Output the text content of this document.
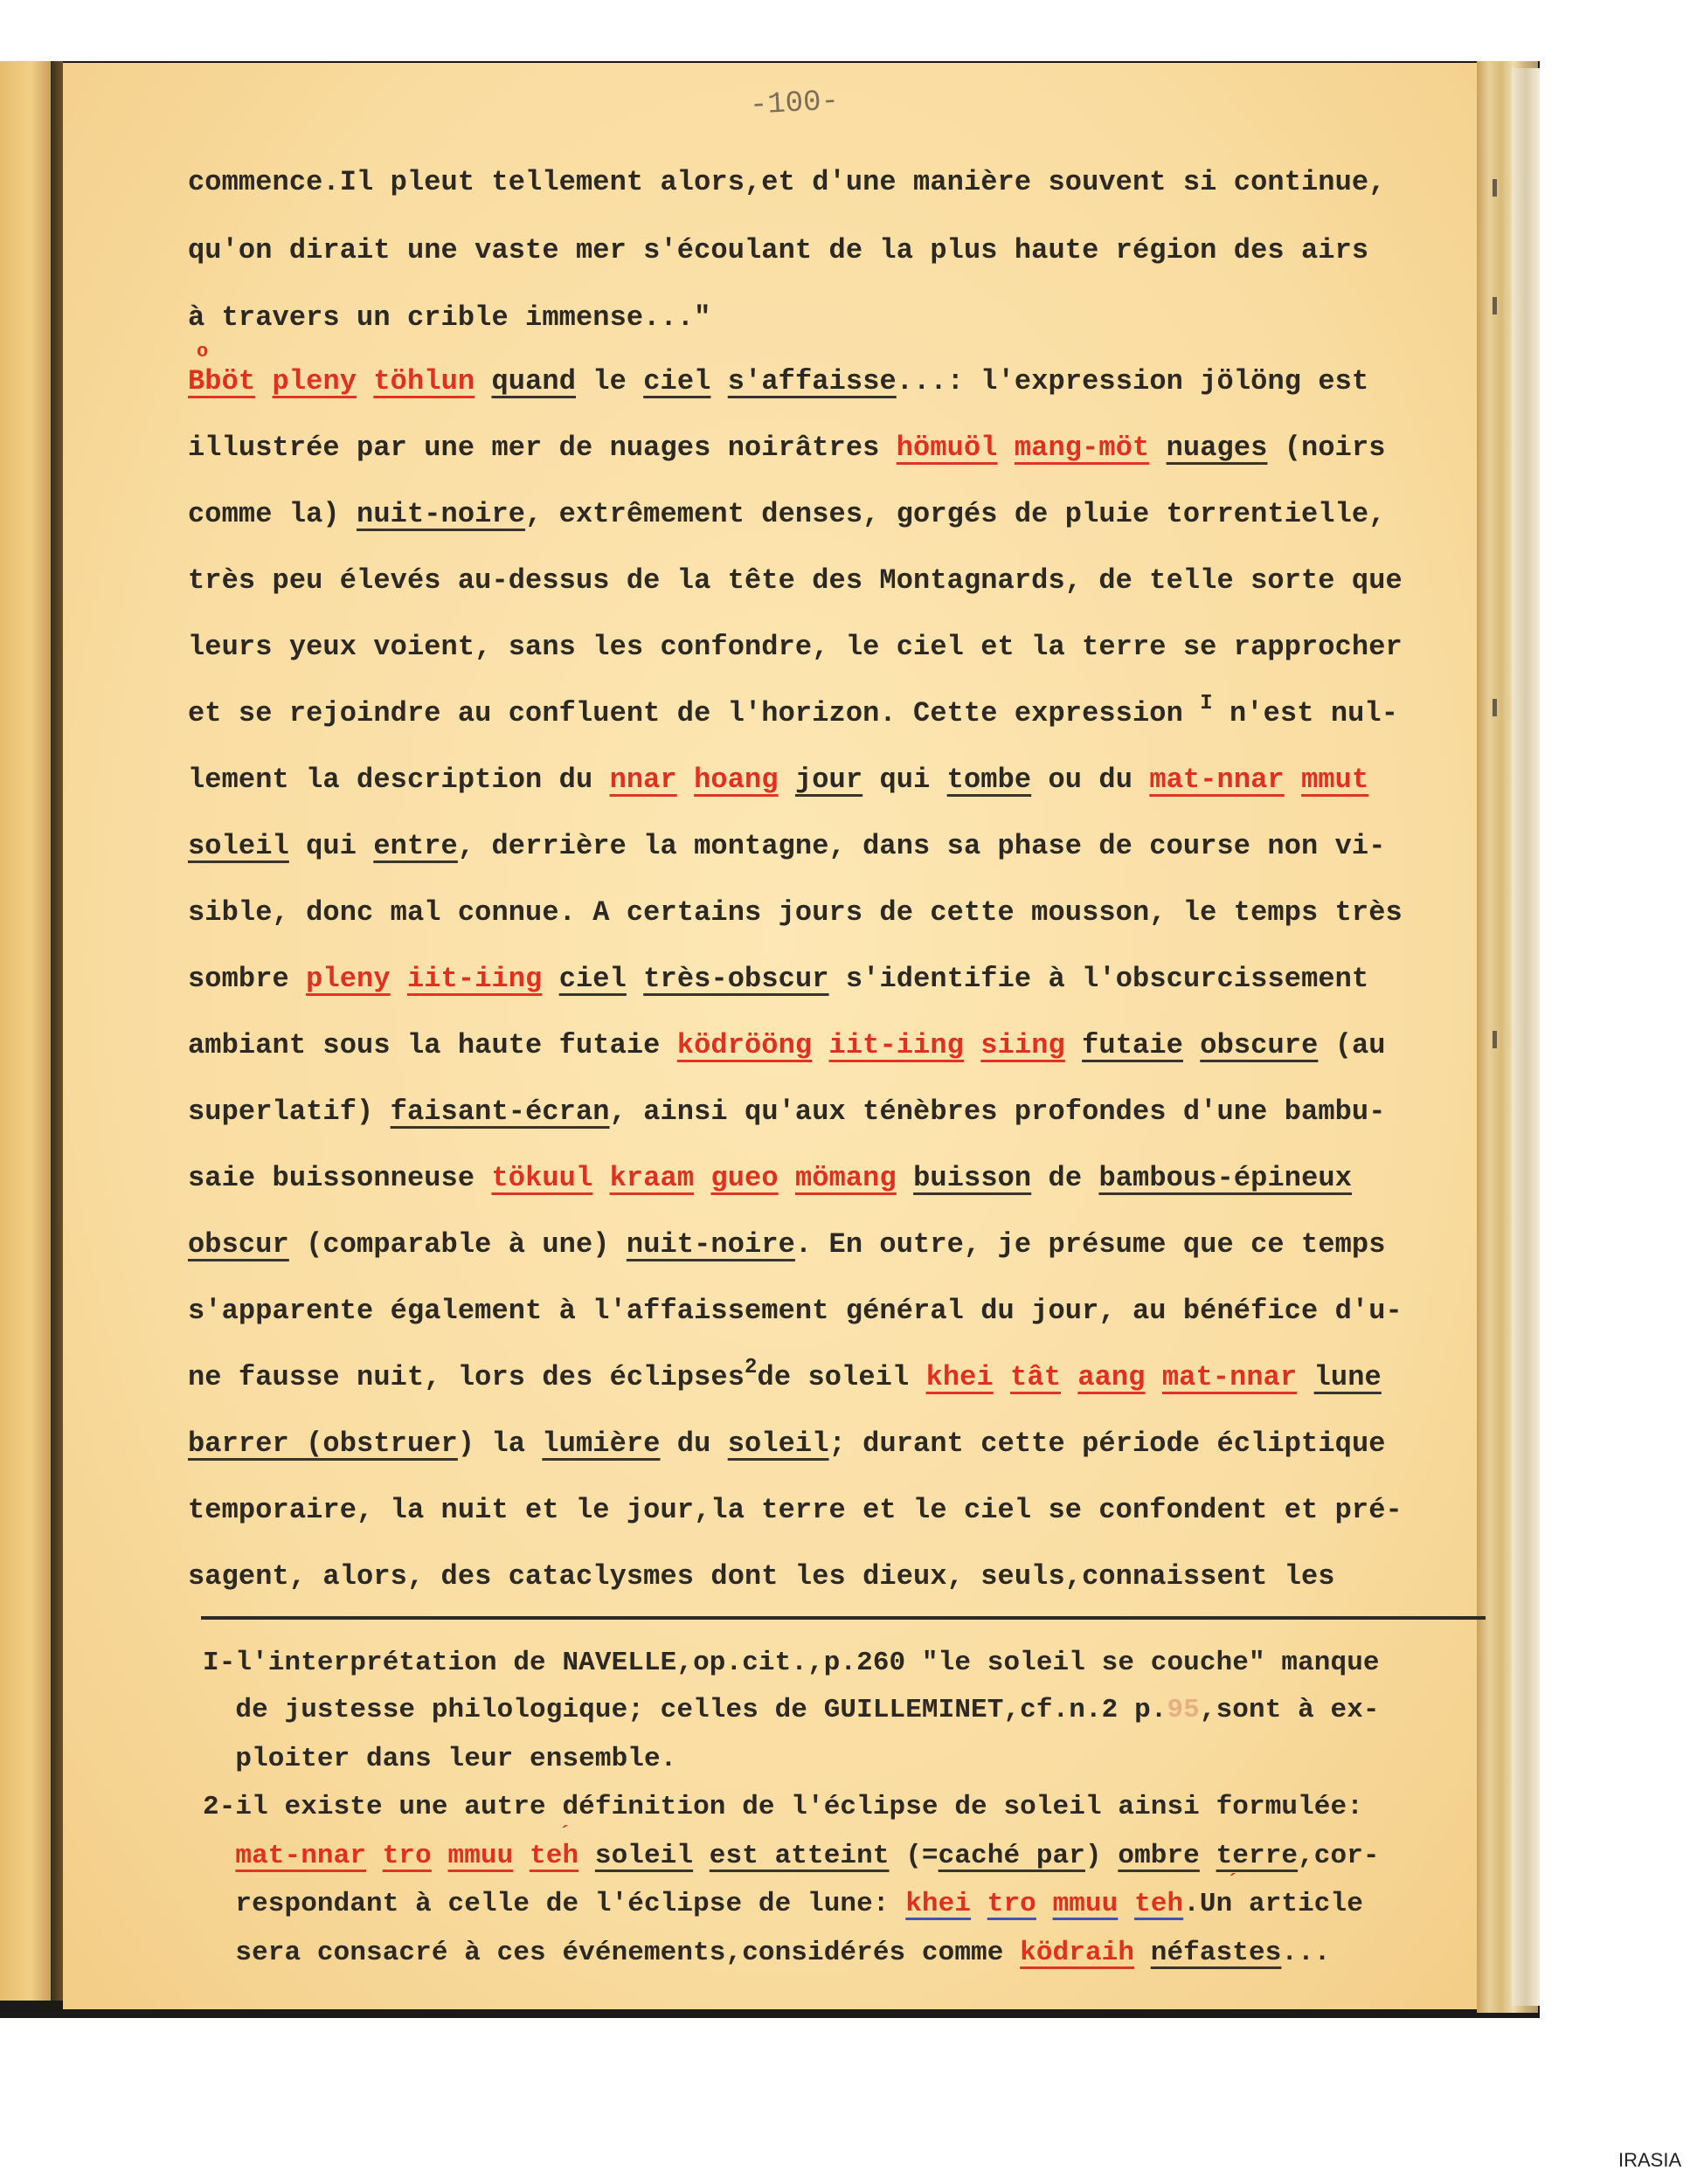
-100-
commence.Il pleut tellement alors,et d'une manière souvent si continue,
qu'on dirait une vaste mer s'écoulant de la plus haute région des airs
à travers un crible immense..."
o
Bböt pleny töhlun quand le ciel s'affaisse...: l'expression jölöng est
illustrée par une mer de nuages noirâtres hömuöl mang-möt nuages (noirs
comme la) nuit-noire, extrêmement denses, gorgés de pluie torrentielle,
très peu élevés au-dessus de la tête des Montagnards, de telle sorte que
leurs yeux voient, sans les confondre, le ciel et la terre se rapprocher
et se rejoindre au confluent de l'horizon. Cette expression $^I$ n'est nul-
lement la description du nnar hoang jour qui tombe ou du mat-nnar mmut
soleil qui entre, derrière la montagne, dans sa phase de course non vi-
sible, donc mal connue. A certains jours de cette mousson, le temps très
sombre pleny iit-iing ciel très-obscur s'identifie à l'obscurcissement
ambiant sous la haute futaie ködrööng iit-iing siing futaie obscure (au
superlatif) faisant-écran, ainsi qu'aux ténèbres profondes d'une bambu-
saie buissonneuse tökuul kraam gueo mömang buisson de bambous-épineux
obscur (comparable à une) nuit-noire. En outre, je présume que ce temps
s'apparente également à l'affaissement général du jour, au bénéfice d'u-
ne fausse nuit, lors des éclipses$^2$de soleil khei tât aang mat-nnar lune
barrer (obstruer) la lumière du soleil; durant cette période écliptique
temporaire, la nuit et le jour,la terre et le ciel se confondent et pré-
sagent, alors, des cataclysmes dont les dieux, seuls,connaissent les
I-l'interprétation de NAVELLE,op.cit.,p.260 "le soleil se couche" manque
de justesse philologique; celles de GUILLEMINET,cf.n.2 p.95,sont à ex-
ploiter dans leur ensemble.
2-il existe une autre définition de l'éclipse de soleil ainsi formulée:
´
mat-nnar tro mmuu teh soleil est atteint (=caché par) ombre terre,cor-
´
respondant à celle de l'éclipse de lune: khei tro mmuu teh.Un article
sera consacré à ces événements,considérés comme ködraih néfastes...
IRASIA
